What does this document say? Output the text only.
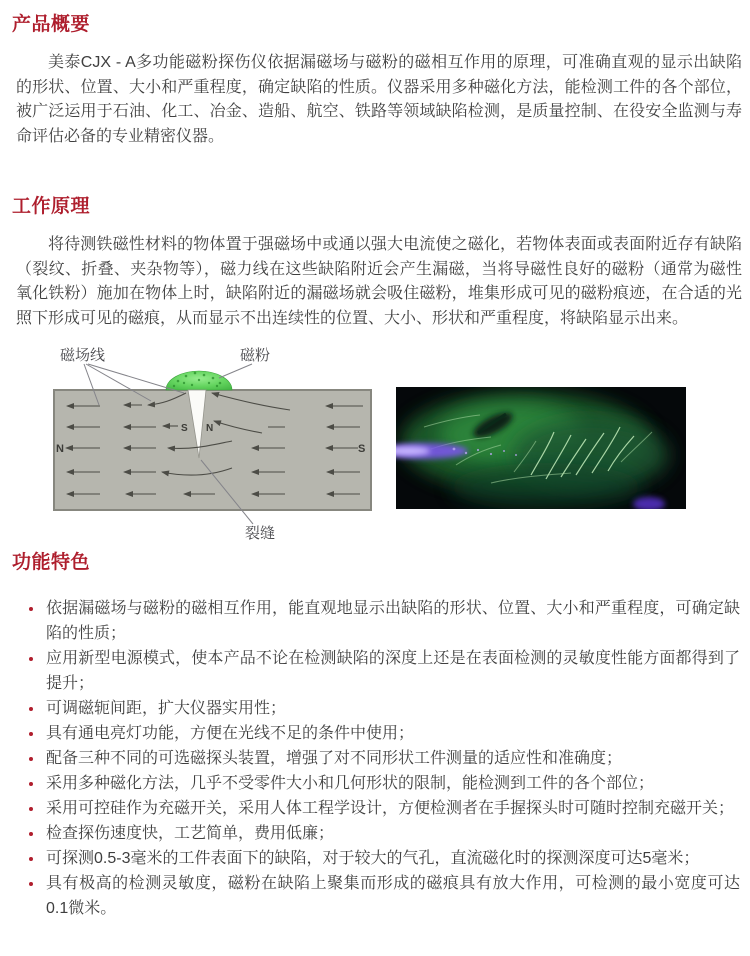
产品概要

美泰CJX - A多功能磁粉探伤仪依据漏磁场与磁粉的磁相互作用的原理，可准确直观的显示出缺陷的形状、位置、大小和严重程度，确定缺陷的性质。仪器采用多种磁化方法，能检测工件的各个部位，被广泛运用于石油、化工、冶金、造船、航空、铁路等领域缺陷检测，是质量控制、在役安全监测与寿命评估必备的专业精密仪器。

工作原理

将待测铁磁性材料的物体置于强磁场中或通以强大电流使之磁化，若物体表面或表面附近存有缺陷（裂纹、折叠、夹杂物等），磁力线在这些缺陷附近会产生漏磁，当将导磁性良好的磁粉（通常为磁性氧化铁粉）施加在物体上时，缺陷附近的漏磁场就会吸住磁粉，堆集形成可见的磁粉痕迹，在合适的光照下形成可见的磁痕，从而显示不出连续性的位置、大小、形状和严重程度，将缺陷显示出来。

N	S
S N
磁场线	磁粉
裂缝
功能特色
• 依据漏磁场与磁粉的磁相互作用，能直观地显示出缺陷的形状、位置、大小和严重程度，可确定缺陷的性质；
• 应用新型电源模式，使本产品不论在检测缺陷的深度上还是在表面检测的灵敏度性能方面都得到了提升；
• 可调磁轭间距，扩大仪器实用性；
• 具有通电亮灯功能，方便在光线不足的条件中使用；
• 配备三种不同的可选磁探头装置，增强了对不同形状工件测量的适应性和准确度；
• 采用多种磁化方法，几乎不受零件大小和几何形状的限制，能检测到工件的各个部位；
• 采用可控硅作为充磁开关，采用人体工程学设计，方便检测者在手握探头时可随时控制充磁开关；
• 检查探伤速度快，工艺简单，费用低廉；
• 可探测0.5-3毫米的工件表面下的缺陷，对于较大的气孔，直流磁化时的探测深度可达5毫米；
• 具有极高的检测灵敏度，磁粉在缺陷上聚集而形成的磁痕具有放大作用，可检测的最小宽度可达0.1微米。
